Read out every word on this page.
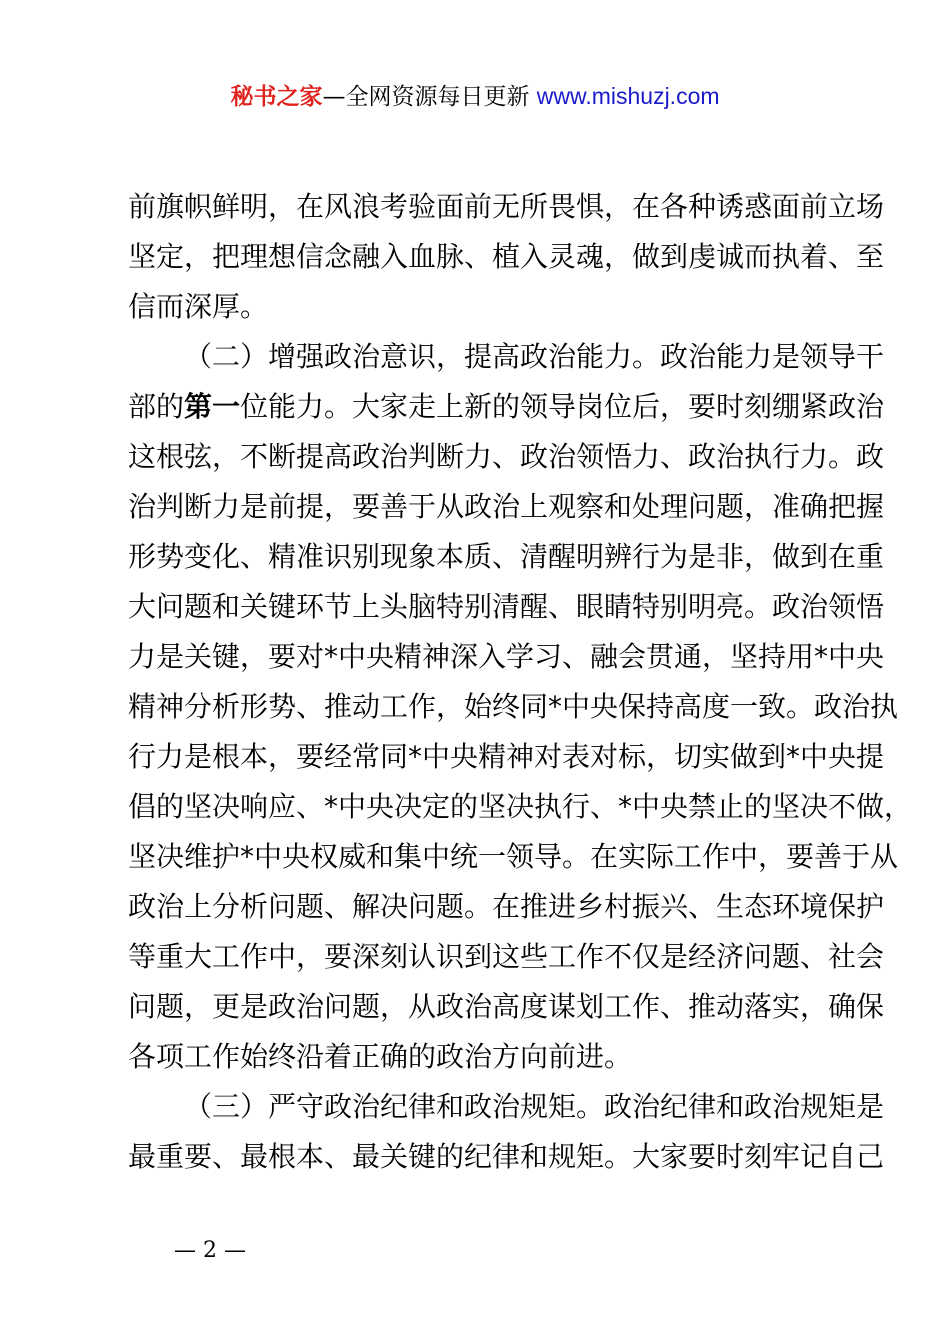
秘书之家—全网资源每日更新 www.mishuzj.com
前旗帜鲜明，在风浪考验面前无所畏惧，在各种诱惑面前立场
坚定，把理想信念融入血脉、植入灵魂，做到虔诚而执着、至
信而深厚。
（二）增强政治意识，提高政治能力。政治能力是领导干
部的第一位能力。大家走上新的领导岗位后，要时刻绷紧政治
这根弦，不断提高政治判断力、政治领悟力、政治执行力。政
治判断力是前提，要善于从政治上观察和处理问题，准确把握
形势变化、精准识别现象本质、清醒明辨行为是非，做到在重
大问题和关键环节上头脑特别清醒、眼睛特别明亮。政治领悟
力是关键，要对*中央精神深入学习、融会贯通，坚持用*中央
精神分析形势、推动工作，始终同*中央保持高度一致。政治执
行力是根本，要经常同*中央精神对表对标，切实做到*中央提
倡的坚决响应、*中央决定的坚决执行、*中央禁止的坚决不做，
坚决维护*中央权威和集中统一领导。在实际工作中，要善于从
政治上分析问题、解决问题。在推进乡村振兴、生态环境保护
等重大工作中，要深刻认识到这些工作不仅是经济问题、社会
问题，更是政治问题，从政治高度谋划工作、推动落实，确保
各项工作始终沿着正确的政治方向前进。
（三）严守政治纪律和政治规矩。政治纪律和政治规矩是
最重要、最根本、最关键的纪律和规矩。大家要时刻牢记自己
— 2 —
